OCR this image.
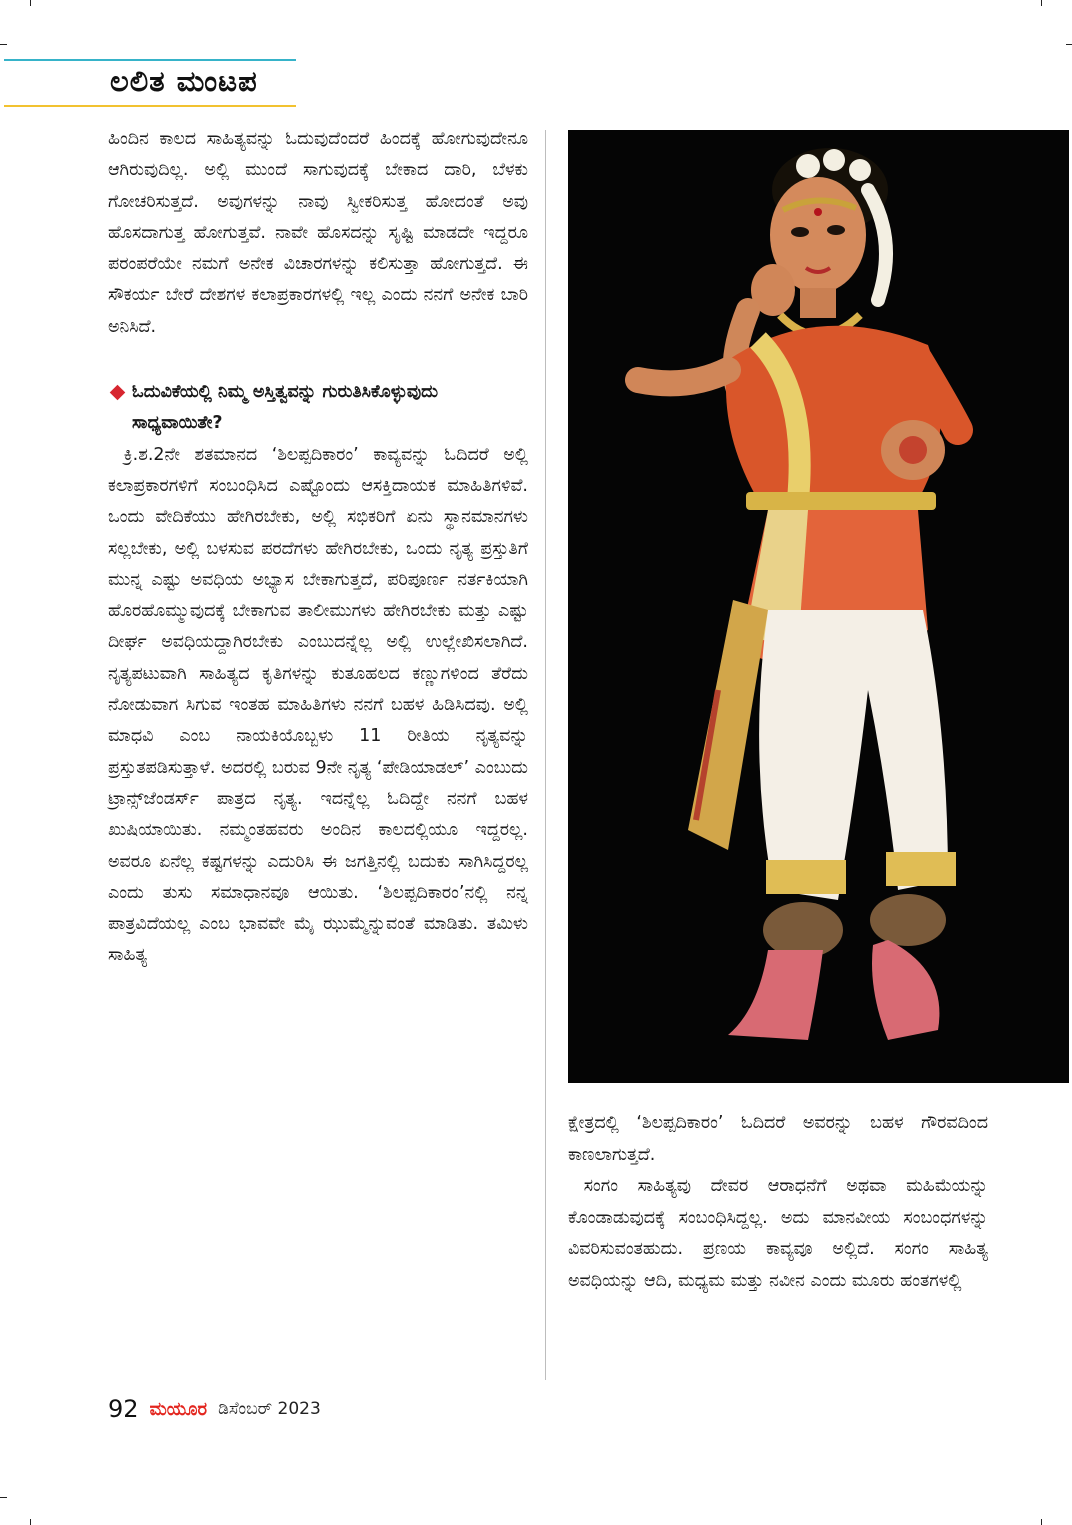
ಲಲಿತ ಮಂಟಪ

ಹಿಂದಿನ ಕಾಲದ ಸಾಹಿತ್ಯವನ್ನು ಓದುವುದೆಂದರೆ ಹಿಂದಕ್ಕೆ ಹೋಗುವುದೇನೂ ಆಗಿರುವುದಿಲ್ಲ. ಅಲ್ಲಿ ಮುಂದೆ ಸಾಗುವುದಕ್ಕೆ ಬೇಕಾದ ದಾರಿ, ಬೆಳಕು ಗೋಚರಿಸುತ್ತದೆ. ಅವುಗಳನ್ನು ನಾವು ಸ್ವೀಕರಿಸುತ್ತ ಹೋದಂತೆ ಅವು ಹೊಸದಾಗುತ್ತ ಹೋಗುತ್ತವೆ. ನಾವೇ ಹೊಸದನ್ನು ಸೃಷ್ಟಿ ಮಾಡದೇ ಇದ್ದರೂ ಪರಂಪರೆಯೇ ನಮಗೆ ಅನೇಕ ವಿಚಾರಗಳನ್ನು ಕಲಿಸುತ್ತಾ ಹೋಗುತ್ತದೆ. ಈ ಸೌಕರ್ಯ ಬೇರೆ ದೇಶಗಳ ಕಲಾಪ್ರಕಾರಗಳಲ್ಲಿ ಇಲ್ಲ ಎಂದು ನನಗೆ ಅನೇಕ ಬಾರಿ ಅನಿಸಿದೆ.

ಓದುವಿಕೆಯಲ್ಲಿ ನಿಮ್ಮ ಅಸ್ತಿತ್ವವನ್ನು ಗುರುತಿಸಿಕೊಳ್ಳುವುದು ಸಾಧ್ಯವಾಯಿತೇ?

ಕ್ರಿ.ಶ.2ನೇ ಶತಮಾನದ ‘ಶಿಲಪ್ಪದಿಕಾರಂ’ ಕಾವ್ಯವನ್ನು ಓದಿದರೆ ಅಲ್ಲಿ ಕಲಾಪ್ರಕಾರಗಳಿಗೆ ಸಂಬಂಧಿಸಿದ ಎಷ್ಟೊಂದು ಆಸಕ್ತಿದಾಯಕ ಮಾಹಿತಿಗಳಿವೆ. ಒಂದು ವೇದಿಕೆಯು ಹೇಗಿರಬೇಕು, ಅಲ್ಲಿ ಸಭಿಕರಿಗೆ ಏನು ಸ್ಥಾನಮಾನಗಳು ಸಲ್ಲಬೇಕು, ಅಲ್ಲಿ ಬಳಸುವ ಪರದೆಗಳು ಹೇಗಿರಬೇಕು, ಒಂದು ನೃತ್ಯ ಪ್ರಸ್ತುತಿಗೆ ಮುನ್ನ ಎಷ್ಟು ಅವಧಿಯ ಅಭ್ಯಾಸ ಬೇಕಾಗುತ್ತದೆ, ಪರಿಪೂರ್ಣ ನರ್ತಕಿಯಾಗಿ ಹೊರಹೊಮ್ಮುವುದಕ್ಕೆ ಬೇಕಾಗುವ ತಾಲೀಮುಗಳು ಹೇಗಿರಬೇಕು ಮತ್ತು ಎಷ್ಟು ದೀರ್ಘ ಅವಧಿಯದ್ದಾಗಿರಬೇಕು ಎಂಬುದನ್ನೆಲ್ಲ ಅಲ್ಲಿ ಉಲ್ಲೇಖಿಸಲಾಗಿದೆ. ನೃತ್ಯಪಟುವಾಗಿ ಸಾಹಿತ್ಯದ ಕೃತಿಗಳನ್ನು ಕುತೂಹಲದ ಕಣ್ಣುಗಳಿಂದ ತೆರೆದು ನೋಡುವಾಗ ಸಿಗುವ ಇಂತಹ ಮಾಹಿತಿಗಳು ನನಗೆ ಬಹಳ ಹಿಡಿಸಿದವು. ಅಲ್ಲಿ ಮಾಧವಿ ಎಂಬ ನಾಯಕಿಯೊಬ್ಬಳು 11 ರೀತಿಯ ನೃತ್ಯವನ್ನು ಪ್ರಸ್ತುತಪಡಿಸುತ್ತಾಳೆ. ಅದರಲ್ಲಿ ಬರುವ 9ನೇ ನೃತ್ಯ ‘ಪೇಡಿಯಾಡಲ್’ ಎಂಬುದು ಟ್ರಾನ್ಸ್‌ಜೆಂಡರ್ಸ್ ಪಾತ್ರದ ನೃತ್ಯ. ಇದನ್ನೆಲ್ಲ ಓದಿದ್ದೇ ನನಗೆ ಬಹಳ ಖುಷಿಯಾಯಿತು. ನಮ್ಮಂತಹವರು ಅಂದಿನ ಕಾಲದಲ್ಲಿಯೂ ಇದ್ದರಲ್ಲ. ಅವರೂ ಏನೆಲ್ಲ ಕಷ್ಟಗಳನ್ನು ಎದುರಿಸಿ ಈ ಜಗತ್ತಿನಲ್ಲಿ ಬದುಕು ಸಾಗಿಸಿದ್ದರಲ್ಲ ಎಂದು ತುಸು ಸಮಾಧಾನವೂ ಆಯಿತು. ‘ಶಿಲಪ್ಪದಿಕಾರಂ’ನಲ್ಲಿ ನನ್ನ ಪಾತ್ರವಿದೆಯಲ್ಲ ಎಂಬ ಭಾವವೇ ಮೈ ಝುಮ್ಮೆನ್ನುವಂತೆ ಮಾಡಿತು. ತಮಿಳು ಸಾಹಿತ್ಯ

ಕ್ಷೇತ್ರದಲ್ಲಿ ‘ಶಿಲಪ್ಪದಿಕಾರಂ’ ಓದಿದರೆ ಅವರನ್ನು ಬಹಳ ಗೌರವದಿಂದ ಕಾಣಲಾಗುತ್ತದೆ.

ಸಂಗಂ ಸಾಹಿತ್ಯವು ದೇವರ ಆರಾಧನೆಗೆ ಅಥವಾ ಮಹಿಮೆಯನ್ನು ಕೊಂಡಾಡುವುದಕ್ಕೆ ಸಂಬಂಧಿಸಿದ್ದಲ್ಲ. ಅದು ಮಾನವೀಯ ಸಂಬಂಧಗಳನ್ನು ವಿವರಿಸುವಂತಹುದು. ಪ್ರಣಯ ಕಾವ್ಯವೂ ಅಲ್ಲಿದೆ. ಸಂಗಂ ಸಾಹಿತ್ಯ ಅವಧಿಯನ್ನು ಆದಿ, ಮಧ್ಯಮ ಮತ್ತು ನವೀನ ಎಂದು ಮೂರು ಹಂತಗಳಲ್ಲಿ

92 ಮಯೂರ ಡಿಸೆಂಬರ್ 2023
